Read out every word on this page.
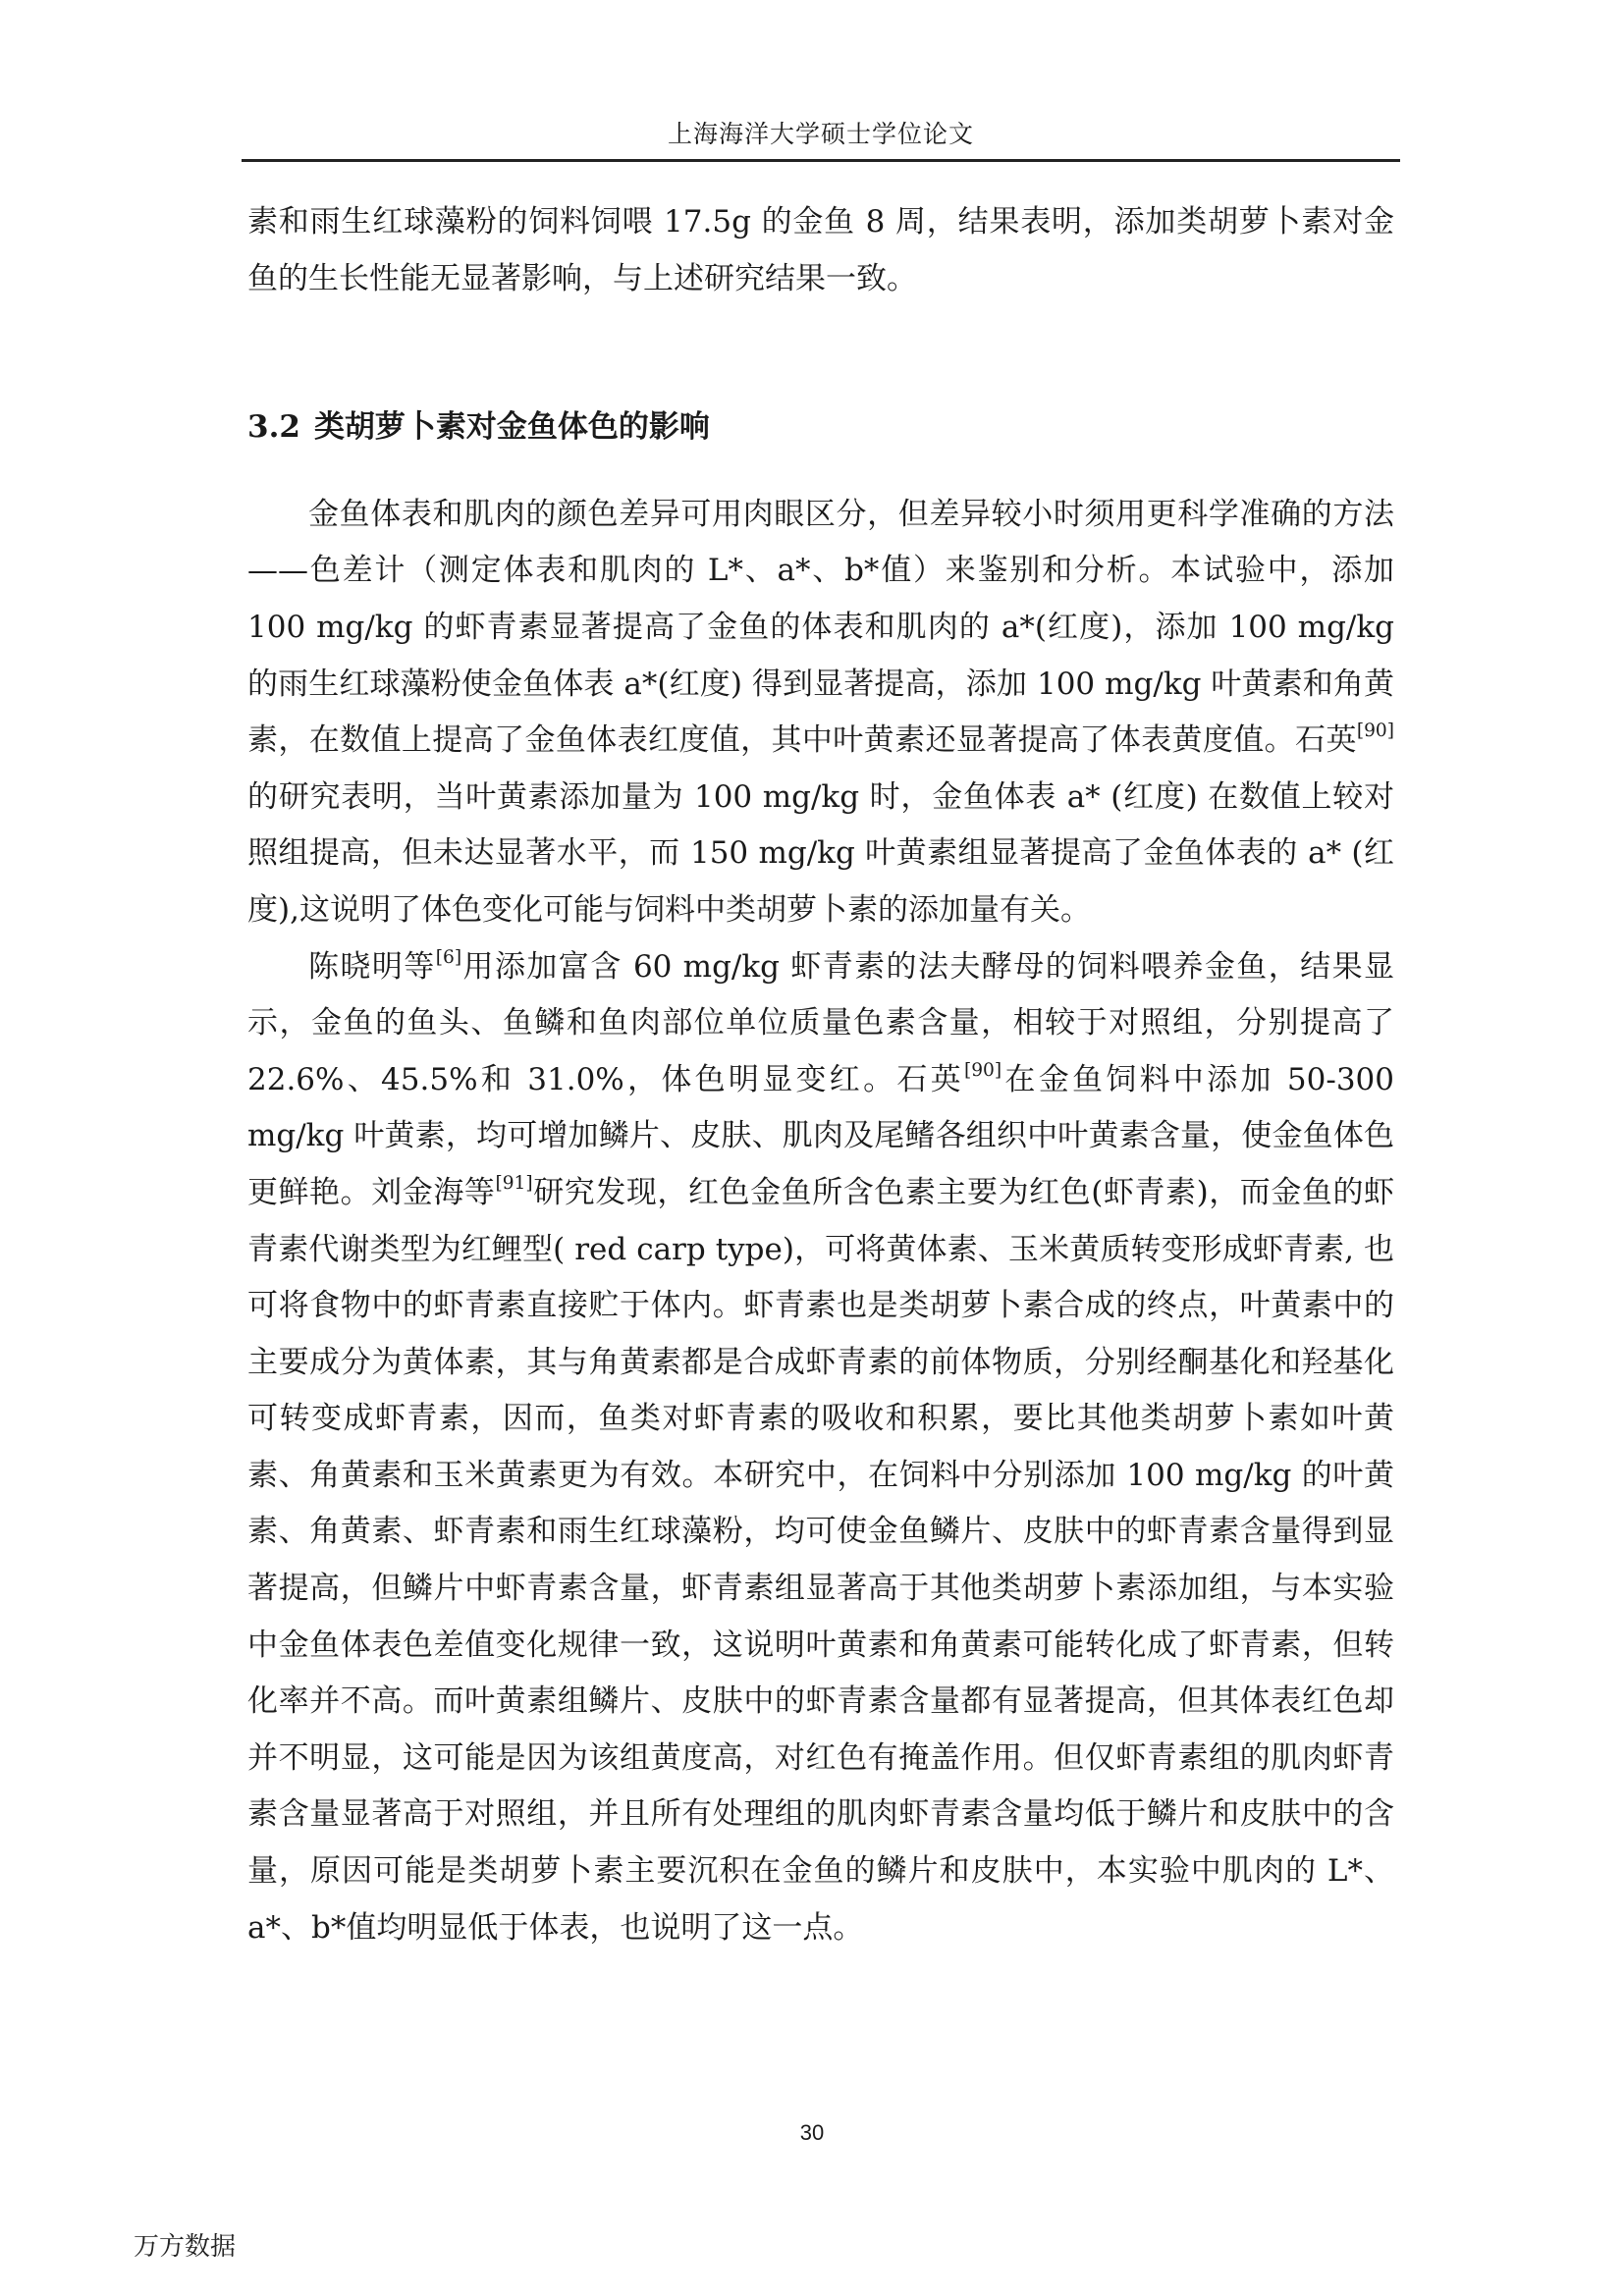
上海海洋大学硕士学位论文

素和雨生红球藻粉的饲料饲喂 17.5g 的金鱼 8 周，结果表明，添加类胡萝卜素对金鱼的生长性能无显著影响，与上述研究结果一致。

3.2 类胡萝卜素对金鱼体色的影响

金鱼体表和肌肉的颜色差异可用肉眼区分，但差异较小时须用更科学准确的方法——色差计（测定体表和肌肉的 L*、a*、b*值）来鉴别和分析。本试验中，添加 100 mg/kg 的虾青素显著提高了金鱼的体表和肌肉的 a*(红度)，添加 100 mg/kg 的雨生红球藻粉使金鱼体表 a*(红度) 得到显著提高，添加 100 mg/kg 叶黄素和角黄素，在数值上提高了金鱼体表红度值，其中叶黄素还显著提高了体表黄度值。石英[90]的研究表明，当叶黄素添加量为 100 mg/kg 时，金鱼体表 a* (红度) 在数值上较对照组提高，但未达显著水平，而 150 mg/kg 叶黄素组显著提高了金鱼体表的 a* (红度),这说明了体色变化可能与饲料中类胡萝卜素的添加量有关。

陈晓明等[6]用添加富含 60 mg/kg 虾青素的法夫酵母的饲料喂养金鱼，结果显示，金鱼的鱼头、鱼鳞和鱼肉部位单位质量色素含量，相较于对照组，分别提高了 22.6%、45.5%和 31.0%，体色明显变红。石英[90]在金鱼饲料中添加 50-300 mg/kg 叶黄素，均可增加鳞片、皮肤、肌肉及尾鳍各组织中叶黄素含量，使金鱼体色更鲜艳。刘金海等[91]研究发现，红色金鱼所含色素主要为红色(虾青素)，而金鱼的虾青素代谢类型为红鲤型( red carp type)，可将黄体素、玉米黄质转变形成虾青素, 也可将食物中的虾青素直接贮于体内。虾青素也是类胡萝卜素合成的终点，叶黄素中的主要成分为黄体素，其与角黄素都是合成虾青素的前体物质，分别经酮基化和羟基化可转变成虾青素，因而，鱼类对虾青素的吸收和积累，要比其他类胡萝卜素如叶黄素、角黄素和玉米黄素更为有效。本研究中，在饲料中分别添加 100 mg/kg 的叶黄素、角黄素、虾青素和雨生红球藻粉，均可使金鱼鳞片、皮肤中的虾青素含量得到显著提高，但鳞片中虾青素含量，虾青素组显著高于其他类胡萝卜素添加组，与本实验中金鱼体表色差值变化规律一致，这说明叶黄素和角黄素可能转化成了虾青素，但转化率并不高。而叶黄素组鳞片、皮肤中的虾青素含量都有显著提高，但其体表红色却并不明显，这可能是因为该组黄度高，对红色有掩盖作用。但仅虾青素组的肌肉虾青素含量显著高于对照组，并且所有处理组的肌肉虾青素含量均低于鳞片和皮肤中的含量，原因可能是类胡萝卜素主要沉积在金鱼的鳞片和皮肤中，本实验中肌肉的 L*、a*、b*值均明显低于体表，也说明了这一点。

30
万方数据
